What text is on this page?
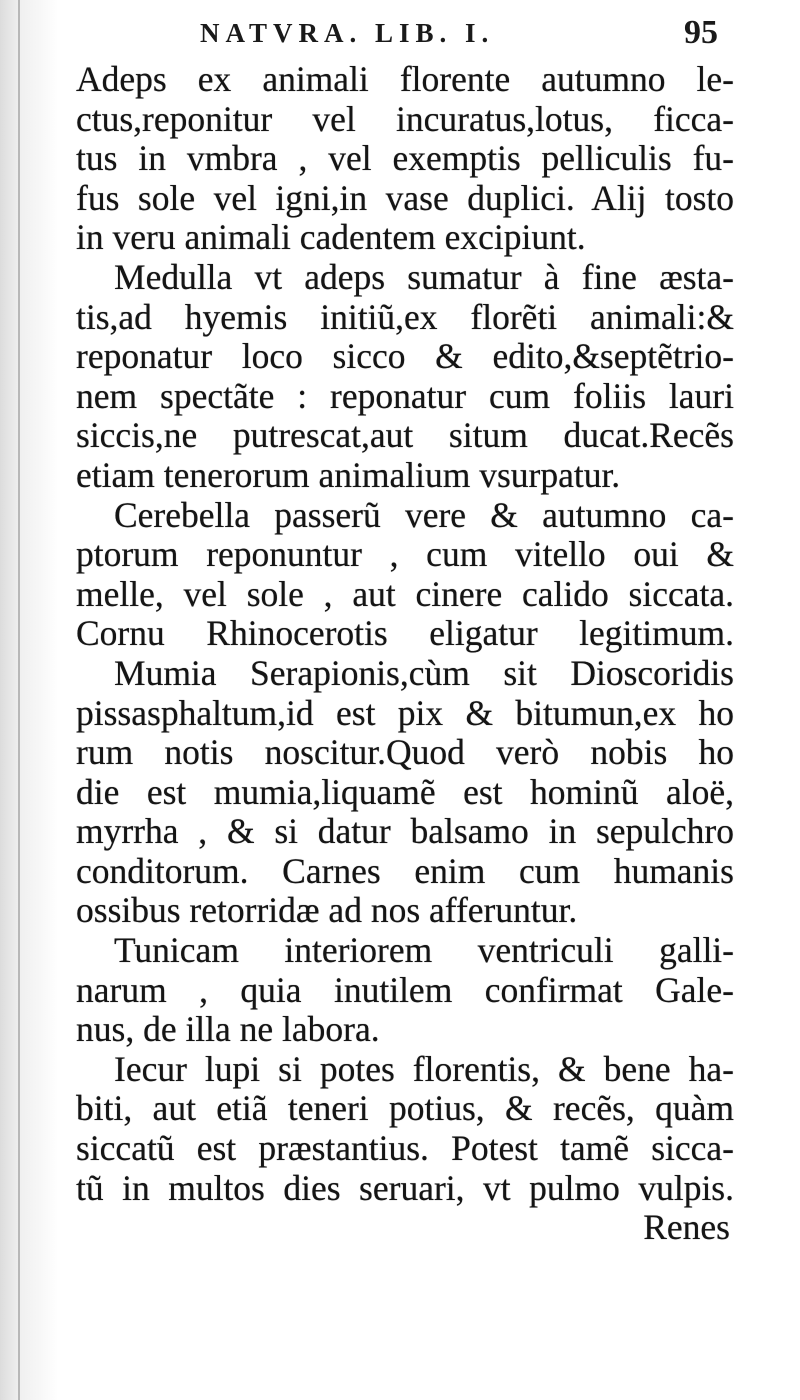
NATVRA. LIB. I.	95
Adeps ex animali florente autumno le-
ctus,reponitur vel incuratus,lotus, ficca-
tus in vmbra , vel exemptis pelliculis fu-
fus sole vel igni,in vase duplici. Alij tosto
in veru animali cadentem excipiunt.
Medulla vt adeps sumatur à fine æsta-
tis,ad hyemis initiũ,ex florẽti animali:&
reponatur loco sicco & edito,&septẽtrio-
nem spectãte : reponatur cum foliis lauri
siccis,ne putrescat,aut situm ducat.Recẽs
etiam tenerorum animalium vsurpatur.
Cerebella passerũ vere & autumno ca-
ptorum reponuntur , cum vitello oui &
melle, vel sole , aut cinere calido siccata.
Cornu Rhinocerotis eligatur legitimum.
Mumia Serapionis,cùm sit Dioscoridis
pissasphaltum,id est pix & bitumun,ex ho
rum notis noscitur.Quod verò nobis ho
die est mumia,liquamẽ est hominũ aloë,
myrrha , & si datur balsamo in sepulchro
conditorum. Carnes enim cum humanis
ossibus retorridæ ad nos afferuntur.
Tunicam interiorem ventriculi galli-
narum , quia inutilem confirmat Gale-
nus, de illa ne labora.
Iecur lupi si potes florentis, & bene ha-
biti, aut etiã teneri potius, & recẽs, quàm
siccatũ est præstantius. Potest tamẽ sicca-
tũ in multos dies seruari, vt pulmo vulpis.
Renes
